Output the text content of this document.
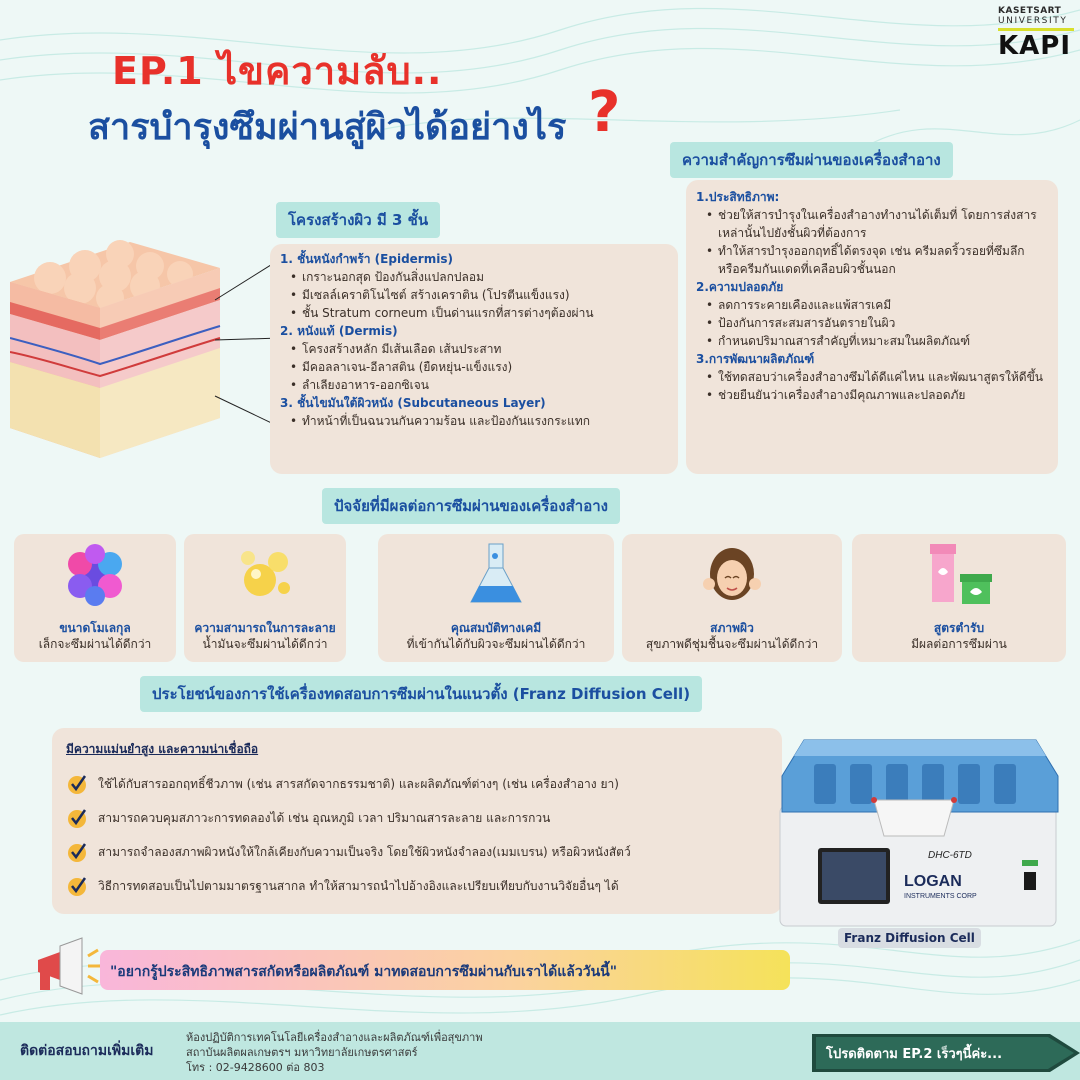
EP.1 ไขความลับ..
สารบำรุงซึมผ่านสู่ผิวได้อย่างไร ?
KASETSART
UNIVERSITY
KAPI
ความสำคัญการซึมผ่านของเครื่องสำอาง
1.ประสิทธิภาพ:
• ช่วยให้สารบำรุงในเครื่องสำอางทำงานได้เต็มที่ โดยการส่งสารเหล่านั้นไปยังชั้นผิวที่ต้องการ
• ทำให้สารบำรุงออกฤทธิ์ได้ตรงจุด เช่น ครีมลดริ้วรอยที่ซึมลึก หรือครีมกันแดดที่เคลือบผิวชั้นนอก
2.ความปลอดภัย
• ลดการระคายเคืองและแพ้สารเคมี
• ป้องกันการสะสมสารอันตรายในผิว
• กำหนดปริมาณสารสำคัญที่เหมาะสมในผลิตภัณฑ์
3.การพัฒนาผลิตภัณฑ์
• ใช้ทดสอบว่าเครื่องสำอางซึมได้ดีแค่ไหน และพัฒนาสูตรให้ดีขึ้น
• ช่วยยืนยันว่าเครื่องสำอางมีคุณภาพและปลอดภัย
โครงสร้างผิว มี 3 ชั้น
1. ชั้นหนังกำพร้า (Epidermis)
• เกราะนอกสุด ป้องกันสิ่งแปลกปลอม
• มีเซลล์เคราติโนไซต์ สร้างเคราติน (โปรตีนแข็งแรง)
• ชั้น Stratum corneum เป็นด่านแรกที่สารต่างๆต้องผ่าน
2. หนังแท้ (Dermis)
• โครงสร้างหลัก มีเส้นเลือด เส้นประสาท
• มีคอลลาเจน-อีลาสติน (ยืดหยุ่น-แข็งแรง)
• ลำเลียงอาหาร-ออกซิเจน
3. ชั้นไขมันใต้ผิวหนัง (Subcutaneous Layer)
• ทำหน้าที่เป็นฉนวนกันความร้อน และป้องกันแรงกระแทก
ปัจจัยที่มีผลต่อการซึมผ่านของเครื่องสำอาง
ขนาดโมเลกุล
เล็กจะซึมผ่านได้ดีกว่า
ความสามารถในการละลาย
น้ำมันจะซึมผ่านได้ดีกว่า
คุณสมบัติทางเคมี
ที่เข้ากันได้กับผิวจะซึมผ่านได้ดีกว่า
สภาพผิว
สุขภาพดีชุ่มชื้นจะซึมผ่านได้ดีกว่า
สูตรตำรับ
มีผลต่อการซึมผ่าน
ประโยชน์ของการใช้เครื่องทดสอบการซึมผ่านในแนวตั้ง (Franz Diffusion Cell)
มีความแม่นยำสูง และความน่าเชื่อถือ
ใช้ได้กับสารออกฤทธิ์ชีวภาพ (เช่น สารสกัดจากธรรมชาติ) และผลิตภัณฑ์ต่างๆ (เช่น เครื่องสำอาง ยา)
สามารถควบคุมสภาวะการทดลองได้ เช่น อุณหภูมิ เวลา ปริมาณสารละลาย และการกวน
สามารถจำลองสภาพผิวหนังให้ใกล้เคียงกับความเป็นจริง โดยใช้ผิวหนังจำลอง(เมมเบรน) หรือผิวหนังสัตว์
วิธีการทดสอบเป็นไปตามมาตรฐานสากล ทำให้สามารถนำไปอ้างอิงและเปรียบเทียบกับงานวิจัยอื่นๆ ได้
DHC-6TD
LOGAN
INSTRUMENTS CORP
Franz Diffusion Cell
"อยากรู้ประสิทธิภาพสารสกัดหรือผลิตภัณฑ์ มาทดสอบการซึมผ่านกับเราได้แล้ววันนี้"
ติดต่อสอบถามเพิ่มเติม
ห้องปฏิบัติการเทคโนโลยีเครื่องสำอางและผลิตภัณฑ์เพื่อสุขภาพ
สถาบันผลิตผลเกษตรฯ มหาวิทยาลัยเกษตรศาสตร์
โทร : 02-9428600 ต่อ 803
โปรดติดตาม EP.2 เร็วๆนี้ค่ะ...
